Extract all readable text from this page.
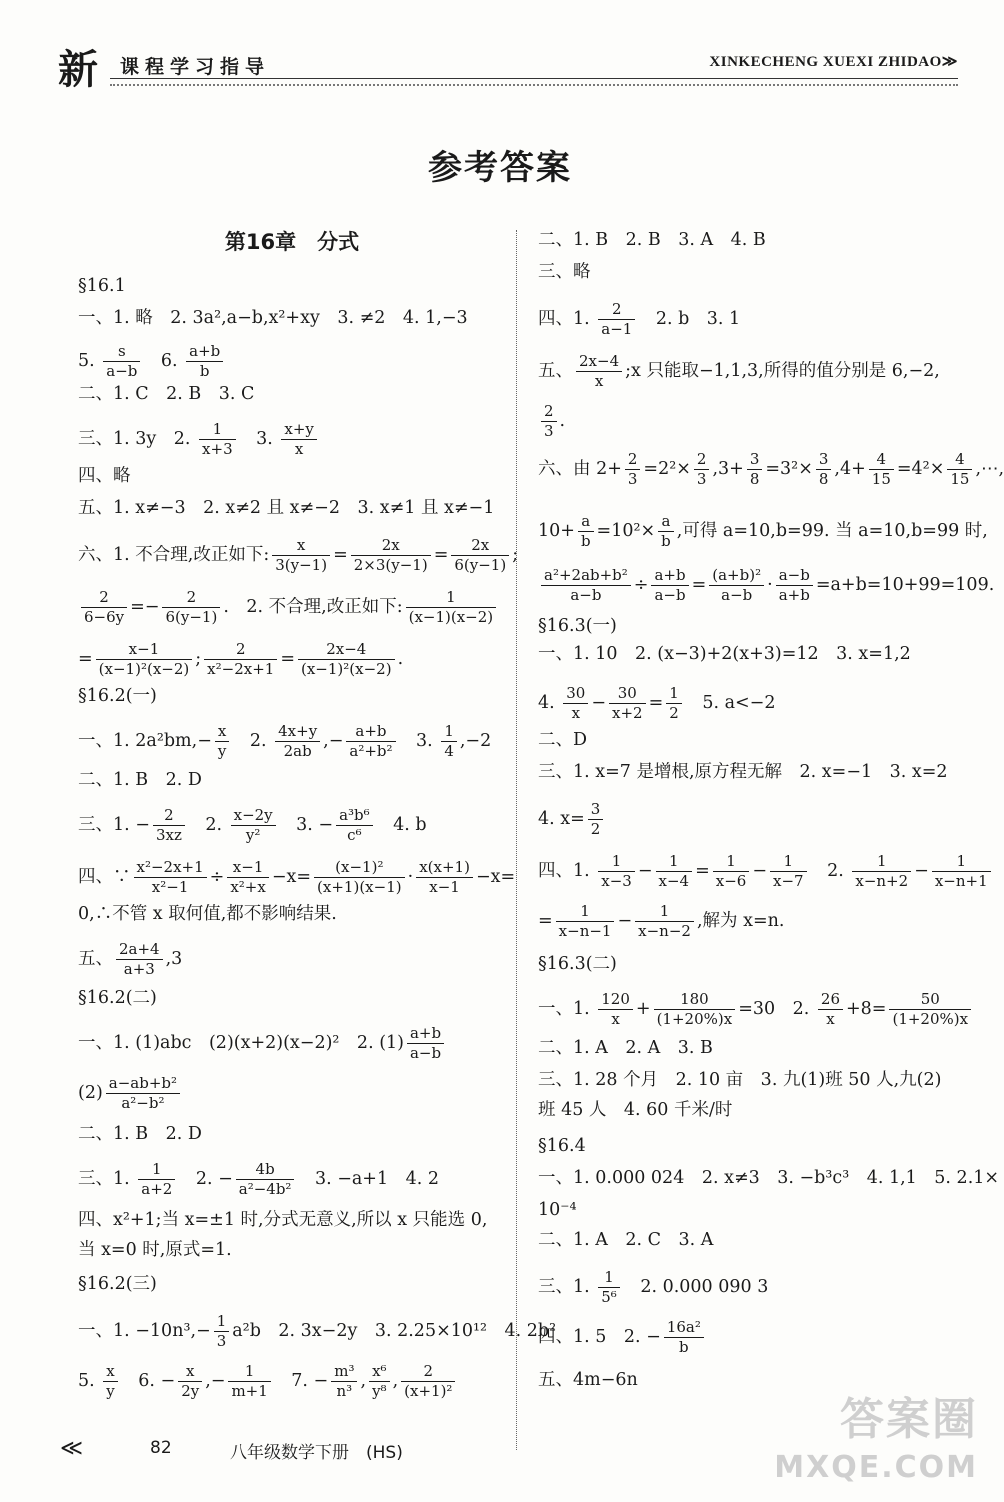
新 课程学习指导	XINKECHENG XUEXI ZHIDAO≫
参考答案
第16章　分式
§16.1
一、1. 略　2. 3a²,a−b,x²+xy　3. ≠2　4. 1,−3
5. $\frac{s}{a-b}$ 　6. $\frac{a+b}{b}$
二、1. C　2. B　3. C
三、1. 3y　2. $\frac{1}{x+3}$ 　3. $\frac{x+y}{x}$
四、略
五、1. x≠−3　2. x≠2 且 x≠−2　3. x≠1 且 x≠−1
六、1. 不合理,改正如下: $\frac{x}{3(y-1)} = \frac{2x}{2\times 3(y-1)} = \frac{2x}{6(y-1)}$ ;
$\frac{2}{6-6y} =- \frac{2}{6(y-1)}$ .　2. 不合理,改正如下: $\frac{1}{(x-1)(x-2)}$
= $\frac{x-1}{\text{(x−1)²(x−2)}}$ ; $\frac{2}{\text{x²−2x+1}} = \frac{2x-4}{\text{(x−1)²(x−2)}}$ .
§16.2(一)
一、1. $2a^2bm,- \frac{x}{y}$ 　2. $\frac{4x+y}{2ab}$ ,− $\frac{a+b}{\text{a²+b²}}$ 　3. $\frac{1}{4} ,-2$
二、1. B　2. D
三、1. − $\frac{2}{3xz}$ 　2. $\frac{x-2y}{\text{y²}}$ 　3. − $\frac{\text{a³b⁶}}{\text{c⁶}}$ 　4. b
四、∵ $\frac{\text{x²−2x+1}}{\text{x²−1}} \div \frac{x-1}{\text{x²+x}} -x= \frac{\text{(x−1)²}}{(x+1)(x-1)} \cdot \frac{x(x+1)}{x-1} -x=$
0,∴不管 x 取何值,都不影响结果.
五、 $\frac{2a+4}{a+3} ,3$
§16.2(二)
一、1. (1)abc　(2)(x+2)(x−2)²　2. $(1) \frac{a+b}{a-b}$
$(2) \frac{\text{a−ab+b²}}{\text{a²−b²}}$
二、1. B　2. D
三、1. $\frac{1}{a+2}$ 　2. − $\frac{4b}{\text{a²−4b²}}$ 　3. −a+1　4. 2
四、x²+1;当 x=±1 时,分式无意义,所以 x 只能选 0,
当 x=0 时,原式=1.
§16.2(三)
一、1. $-10n^3,- \frac{1}{3} a^2b$　2. 3x−2y　3. 2.25×10¹²　4. 2b²
5. $\frac{x}{y}$ 　6. − $\frac{x}{2y}$ ,− $\frac{1}{m+1}$ 　7. − $\frac{\text{m³}}{\text{n³}}$ , $\frac{\text{x⁶}}{\text{y⁸}}$ , $\frac{2}{\text{(x+1)²}}$
二、1. B　2. B　3. A　4. B
三、略
四、1. $\frac{2}{a-1}$ 　2. b　3. 1
五、 $\frac{2x-4}{x}$ ;x 只能取−1,1,3,所得的值分别是 6,−2,
$\frac{2}{3}$ .
六、由 $2+ \frac{2}{3} =2^2\times \frac{2}{3} ,3+ \frac{3}{8} =3^2\times \frac{3}{8} ,4+ \frac{4}{15} =4^2\times \frac{4}{15}$ ,⋯,
$10+ \frac{a}{b} =10^2\times \frac{a}{b}$ ,可得 a=10,b=99. 当 a=10,b=99 时,
$\frac{\text{a²+2ab+b²}}{a-b} \div \frac{a+b}{a-b} = \frac{\text{(a+b)²}}{a-b} \cdot \frac{a-b}{a+b} =a+b=10+99=109$.
§16.3(一)
一、1. 10　2. (x−3)+2(x+3)=12　3. x=1,2
4. $\frac{30}{x} - \frac{30}{x+2} = \frac{1}{2}$ 　5. a<−2
二、D
三、1. x=7 是增根,原方程无解　2. x=−1　3. x=2
4. $x= \frac{3}{2}$
四、1. $\frac{1}{x-3} - \frac{1}{x-4} = \frac{1}{x-6} - \frac{1}{x-7}$ 　2. $\frac{1}{x-n+2} - \frac{1}{x-n+1}$
= $\frac{1}{x-n-1} - \frac{1}{x-n-2}$ ,解为 x=n.
§16.3(二)
一、1. $\frac{120}{x} + \frac{180}{(1+20\%)x} =30$　2. $\frac{26}{x} +8= \frac{50}{(1+20\%)x}$
二、1. A　2. A　3. B
三、1. 28 个月　2. 10 亩　3. 九(1)班 50 人,九(2)
班 45 人　4. 60 千米/时
§16.4
一、1. 0.000 024　2. x≠3　3. −b³c³　4. 1,1　5. 2.1×
10⁻⁴
二、1. A　2. C　3. A
三、1. $\frac{1}{\text{5⁶}}$ 　2. 0.000 090 3
四、1. 5　2. − $\frac{\text{16a²}}{b}$
五、4m−6n
≪	82	八年级数学下册　(HS)
答案圈
MXQE.COM
